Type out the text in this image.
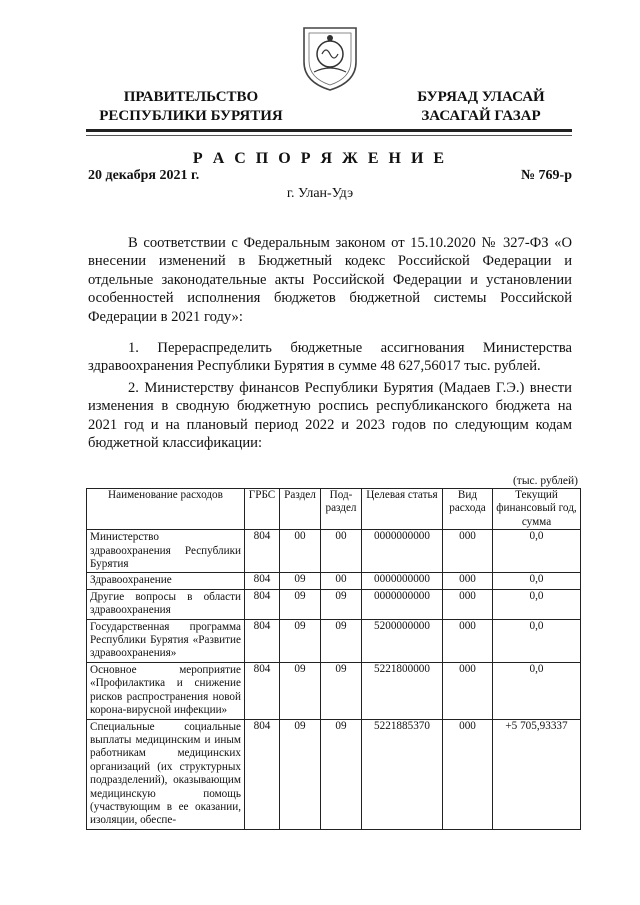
ПРАВИТЕЛЬСТВО
РЕСПУБЛИКИ БУРЯТИЯ
БУРЯАД УЛАСАЙ
ЗАСАГАЙ ГАЗАР
Р А С П О Р Я Ж Е Н И Е
20 декабря 2021 г.	№ 769-р
г. Улан-Удэ
В соответствии с Федеральным законом от 15.10.2020 № 327-ФЗ «О внесении изменений в Бюджетный кодекс Российской Федерации и отдельные законодательные акты Российской Федерации и установлении особенностей исполнения бюджетов бюджетной системы Российской Федерации в 2021 году»:
1. Перераспределить бюджетные ассигнования Министерства здравоохранения Республики Бурятия в сумме 48 627,56017 тыс. рублей.
2. Министерству финансов Республики Бурятия (Мадаев Г.Э.) внести изменения в сводную бюджетную роспись республиканского бюджета на 2021 год и на плановый период 2022 и 2023 годов по следующим кодам бюджетной классификации:
(тыс. рублей)
Наименование расходов	ГРБС	Раздел	Под-раздел	Целевая статья	Вид расхода	Текущий финансовый год, сумма
Министерство здравоохранения Республики Бурятия	804	00	00	0000000000	000	0,0
Здравоохранение	804	09	00	0000000000	000	0,0
Другие вопросы в области здравоохранения	804	09	09	0000000000	000	0,0
Государственная программа Республики Бурятия «Развитие здравоохранения»	804	09	09	5200000000	000	0,0
Основное мероприятие «Профилактика и снижение рисков распространения новой корона-вирусной инфекции»	804	09	09	5221800000	000	0,0
Специальные социальные выплаты медицинским и иным работникам медицинских организаций (их структурных подразделений), оказывающим медицинскую помощь (участвующим в ее оказании, изоляции, обеспе-	804	09	09	5221885370	000	+5 705,93337
